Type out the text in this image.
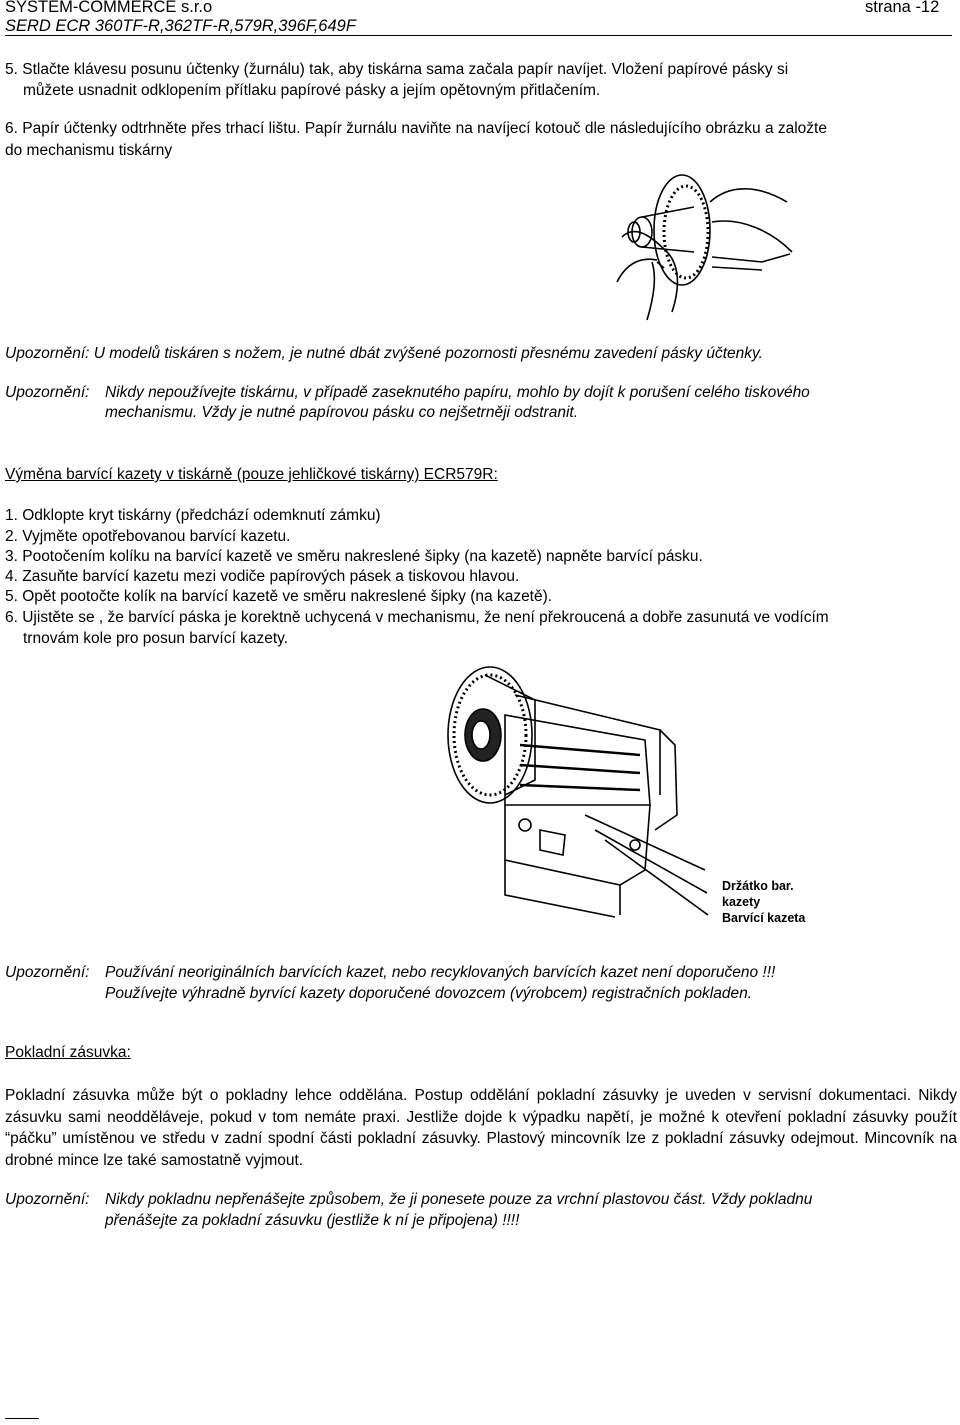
SYSTEM-COMMERCE s.r.o	strana -12
SERD ECR 360TF-R,362TF-R,579R,396F,649F
5. Stlačte klávesu posunu účtenky (žurnálu) tak, aby tiskárna sama začala papír navíjet. Vložení papírové pásky si
můžete usnadnit odklopením přítlaku papírové pásky a jejím opětovným přitlačením.
6. Papír účtenky odtrhněte přes trhací lištu. Papír žurnálu naviňte na navíjecí kotouč dle následujícího obrázku a založte
do mechanismu tiskárny
Upozornění: U modelů tiskáren s nožem, je nutné dbát zvýšené pozornosti přesnému zavedení pásky účtenky.
Upozornění: Nikdy nepoužívejte tiskárnu, v případě zaseknutého papíru, mohlo by dojít k porušení celého tiskového
mechanismu. Vždy je nutné papírovou pásku co nejšetrněji odstranit.
Výměna barvící kazety v tiskárně (pouze jehličkové tiskárny) ECR579R:
1. Odklopte kryt tiskárny (předchází odemknutí zámku)
2. Vyjměte opotřebovanou barvící kazetu.
3. Pootočením kolíku na barvící kazetě ve směru nakreslené šipky (na kazetě) napněte barvící pásku.
4. Zasuňte barvící kazetu mezi vodiče papírových pásek a tiskovou hlavou.
5. Opět pootočte kolík na barvící kazetě ve směru nakreslené šipky (na kazetě).
6. Ujistěte se , že barvící páska je korektně uchycená v mechanismu, že není překroucená a dobře zasunutá ve vodícím
trnovám kole pro posun barvící kazety.
Držátko bar.
kazety
Barvící kazeta
Upozornění: Používání neoriginálních barvících kazet, nebo recyklovaných barvících kazet není doporučeno !!!
Používejte výhradně byrvící kazety doporučené dovozcem (výrobcem) registračních pokladen.
Pokladní zásuvka:
Pokladní zásuvka může být o pokladny lehce oddělána. Postup oddělání pokladní zásuvky je uveden v servisní dokumentaci. Nikdy zásuvku sami neodděláveje, pokud v tom nemáte praxi. Jestliže dojde k výpadku napětí, je možné k otevření pokladní zásuvky použít “páčku” umístěnou ve středu v zadní spodní části pokladní zásuvky. Plastový mincovník lze z pokladní zásuvky odejmout. Mincovník na drobné mince lze také samostatně vyjmout.
Upozornění: Nikdy pokladnu nepřenášejte způsobem, že ji ponesete pouze za vrchní plastovou část. Vždy pokladnu
přenášejte za pokladní zásuvku (jestliže k ní je připojena) !!!!
